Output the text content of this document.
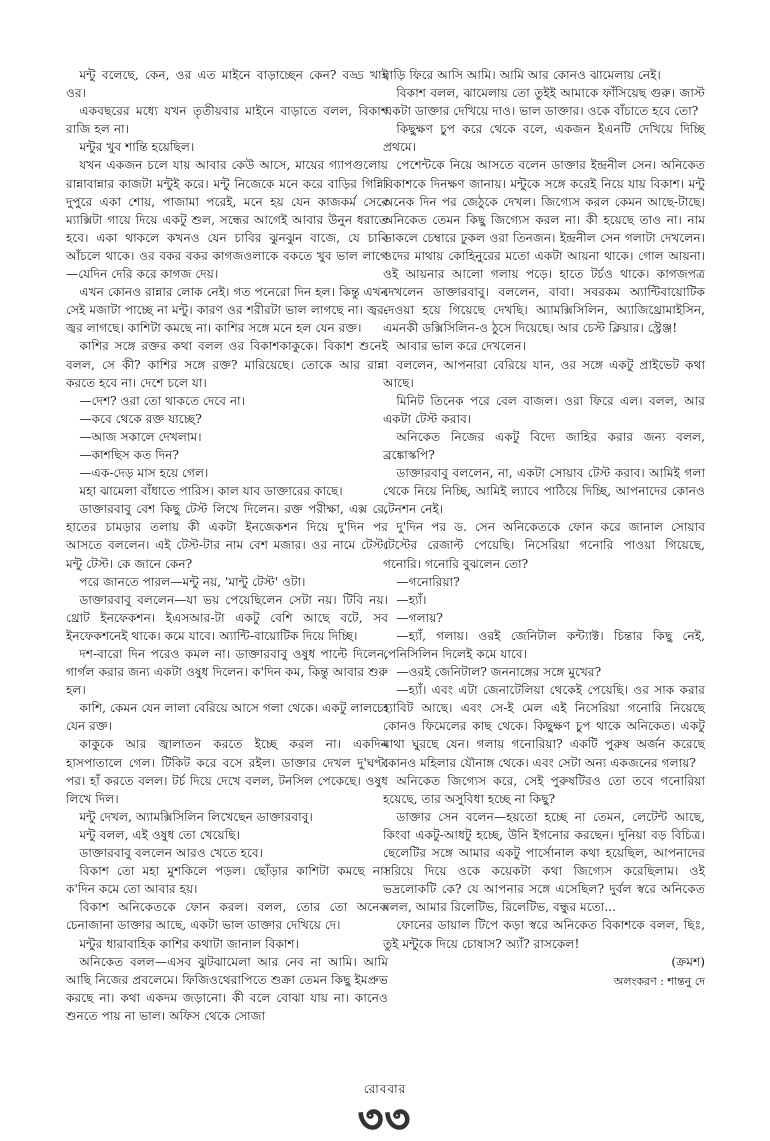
মন্টু বলেছে, কেন, ওর এত মাইনে বাড়াচ্ছেন কেন? বড্ড খাই ওর।

একবছরের মধ্যে যখন তৃতীয়বার মাইনে বাড়াতে বলল, বিকাশ রাজি হল না।

মন্টুর খুব শান্তি হয়েছিল।

যখন একজন চলে যায় আবার কেউ আসে, মায়ের গ্যাপগুলোয় রান্নাবান্নার কাজটা মন্টুই করে। মন্টু নিজেকে মনে করে বাড়ির গিন্নি। দুপুরে একা শোয়, পাজামা পরেই, মনে হয় যেন কাজকর্ম সেরে ম্যাক্সিটা গায়ে দিয়ে একটু শুল, সন্ধের আগেই আবার উনুন ধরাতে হবে। একা থাকলে কখনও যেন চাবির ঝুনঝুন বাজে, যে চাবি আঁচলে থাকে। ওর বকর বকর কাগজওলাকে বকতে খুব ভাল লাগে—যেদিন দেরি করে কাগজ দেয়।

এখন কোনও রান্নার লোক নেই। গত পনেরো দিন হল। কিন্তু এখন সেই মজাটা পাচ্ছে না মন্টু। কারণ ওর শরীরটা ভাল লাগছে না। জ্বর-জ্বর লাগছে। কাশিটা কমছে না। কাশির সঙ্গে মনে হল যেন রক্ত।

কাশির সঙ্গে রক্তর কথা বলল ওর বিকাশকাকুকে। বিকাশ শুনেই বলল, সে কী? কাশির সঙ্গে রক্ত? মারিয়েছে। তোকে আর রান্না করতে হবে না। দেশে চলে যা।

—দেশ? ওরা তো থাকতে দেবে না।

—কবে থেকে রক্ত যাচ্ছে?

—আজ সকালে দেখলাম।

—কাশছিস কত দিন?

—এক-দেড় মাস হয়ে গেল।

মহা ঝামেলা বাঁধাতে পারিস। কাল যাব ডাক্তারের কাছে।

ডাক্তারবাবু বেশ কিছু টেস্ট লিখে দিলেন। রক্ত পরীক্ষা, এক্স রে, হাতের চামড়ার তলায় কী একটা ইনজেকশন দিয়ে দু'দিন পর আসতে বললেন। এই টেস্ট-টার নাম বেশ মজার। ওর নামে টেস্ট। মন্টু টেস্ট। কে জানে কেন?

পরে জানতে পারল—মন্টু নয়, 'মান্টু টেস্ট' ওটা।

ডাক্তারবাবু বললেন—যা ভয় পেয়েছিলেন সেটা নয়। টিবি নয়। থ্রোট ইনফেকশন। ইএসআর-টা একটু বেশি আছে বটে, সব ইনফেকশনেই থাকে। কমে যাবে। অ্যান্টি-বায়োটিক দিয়ে দিচ্ছি।

দশ-বারো দিন পরেও কমল না। ডাক্তারবাবু ওষুধ পাল্টে দিলেন, গার্গল করার জন্য একটা ওষুধ দিলেন। ক'দিন কম, কিন্তু আবার শুরু হল।

কাশি, কেমন যেন লালা বেরিয়ে আসে গলা থেকে। একটু লালচে। যেন রক্ত।

কাকুকে আর জ্বালাতন করতে ইচ্ছে করল না। একদিন হাসপাতালে গেল। টিকিট করে বসে রইল। ডাক্তার দেখল দু'ঘণ্টা পর। হাঁ করতে বলল। টর্চ দিয়ে দেখে বলল, টনসিল পেকেছে। ওষুধ লিখে দিল।

মন্টু দেখল, অ্যামক্সিসিলিন লিখেছেন ডাক্তারবাবু।

মন্টু বলল, এই ওষুধ তো খেয়েছি।

ডাক্তারবাবু বললেন আরও খেতে হবে।

বিকাশ তো মহা মুশকিলে পড়ল। ছোঁড়ার কাশিটা কমছে না। ক'দিন কমে তো আবার হয়।

বিকাশ অনিকেতকে ফোন করল। বলল, তোর তো অনেক চেনাজানা ডাক্তার আছে, একটা ভাল ডাক্তার দেখিয়ে দে।

মন্টুর ধারাবাহিক কাশির কথাটা জানাল বিকাশ।

অনিকেত বলল—এসব ঝুটঝামেলা আর নেব না আমি। আমি আছি নিজের প্রবলেমে। ফিজিওথেরাপিতে শুক্রা তেমন কিছু ইমপ্রুভ করছে না। কথা একদম জড়ানো। কী বলে বোঝা যায় না। কানেও শুনতে পায় না ভাল। অফিস থেকে সোজা

বাড়ি ফিরে আসি আমি। আমি আর কোনও ঝামেলায় নেই।

বিকাশ বলল, ঝামেলায় তো তুইই আমাকে ফাঁসিয়েছ গুরু। জাস্ট একটা ডাক্তার দেখিয়ে দাও। ভাল ডাক্তার। ওকে বাঁচাতে হবে তো?

কিছুক্ষণ চুপ করে থেকে বলে, একজন ইএনটি দেখিয়ে দিচ্ছি প্রথমে।

পেশেন্টকে নিয়ে আসতে বলেন ডাক্তার ইন্দ্রনীল সেন। অনিকেত বিকাশকে দিনক্ষণ জানায়। মন্টুকে সঙ্গে করেই নিয়ে যায় বিকাশ। মন্টু অনেক দিন পর জেঠুকে দেখল। জিগ্যেস করল কেমন আছে-টাছে। অনিকেত তেমন কিছু জিগ্যেস করল না। কী হয়েছে তাও না। নাম ডাকলে চেম্বারে ঢুকল ওরা তিনজন। ইন্দ্রনীল সেন গলাটা দেখলেন। ওদের মাথায় কোহিনুরের মতো একটা আয়না থাকে। গোল আয়না। ওই আয়নার আলো গলায় পড়ে। হাতে টর্চও থাকে। কাগজপত্র দেখলেন ডাক্তারবাবু। বললেন, বাবা। সবরকম অ্যান্টিবায়োটিক দেওয়া হয়ে গিয়েছে দেখছি। অ্যামক্সিসিলিন, অ্যাজিথ্রোমাইসিন, এমনকী ডক্সিসিলিন-ও ঠুসে দিয়েছে। আর চেস্ট ক্লিয়ার। স্ট্রেঞ্জ!

আবার ভাল করে দেখলেন।

বললেন, আপনারা বেরিয়ে যান, ওর সঙ্গে একটু প্রাইভেট কথা আছে।

মিনিট তিনেক পরে বেল বাজল। ওরা ফিরে এল। বলল, আর একটা টেস্ট করাব।

অনিকেত নিজের একটু বিদ্যে জাহির করার জন্য বলল, ব্রঙ্কোস্কপি?

ডাক্তারবাবু বললেন, না, একটা সোয়াব টেস্ট করাব। আমিই গলা থেকে নিয়ে নিচ্ছি, আমিই ল্যাবে পাঠিয়ে দিচ্ছি, আপনাদের কোনও টেনশন নেই।

দু'দিন পর ড. সেন অনিকেতকে ফোন করে জানাল সোয়াব টেস্টের রেজাল্ট পেয়েছি। নিসেরিয়া গনোরি পাওয়া গিয়েছে, গনোরি। গনোরি বুঝলেন তো?

—গনোরিয়া?

—হ্যাঁ।

—গলায়?

—হ্যাঁ, গলায়। ওরই জেনিটাল কন্ট্যাক্ট। চিন্তার কিছু নেই, পেনিসিলিন দিলেই কমে যাবে।

—ওরই জেনিটাল? জননাঙ্গের সঙ্গে মুখের?

—হ্যাঁ। এবং এটা জেনাটেলিয়া থেকেই পেয়েছি। ওর সাক করার হ্যাবিট আছে। এবং সে-ই মেল এই নিসেরিয়া গনোরি নিয়েছে কোনও ফিমেলের কাছ থেকে। কিছুক্ষণ চুপ থাকে অনিকেত। একটু মাথা ঘুরছে যেন। গলায় গনোরিয়া? একটি পুরুষ অর্জন করেছে কোনও মহিলার যৌনাঙ্গ থেকে। এবং সেটা অন্য একজনের গলায়?

অনিকেত জিগ্যেস করে, সেই পুরুষটিরও তো তবে গনোরিয়া হয়েছে, তার অসুবিধা হচ্ছে না কিছু?

ডাক্তার সেন বলেন—হয়তো হচ্ছে না তেমন, লেটেন্ট আছে, কিংবা একটু-আধটু হচ্ছে, উনি ইগনোর করছেন। দুনিয়া বড় বিচিত্র। ছেলেটির সঙ্গে আমার একটু পার্সোনাল কথা হয়েছিল, আপনাদের সরিয়ে দিয়ে ওকে কয়েকটা কথা জিগ্যেস করেছিলাম। ওই ভদ্রলোকটি কে? যে আপনার সঙ্গে এসেছিল? দুর্বল স্বরে অনিকেত বলল, আমার রিলেটিভ, রিলেটিভ, বন্ধুর মতো...

ফোনের ডায়াল টিপে কড়া স্বরে অনিকেত বিকাশকে বলল, ছিঃ, তুই মন্টুকে দিয়ে চোষাস? অ্যাঁ? রাসকেল!

(ক্রমশ)

অলংকরণ : শান্তনু দে

রোববার
৩৩
